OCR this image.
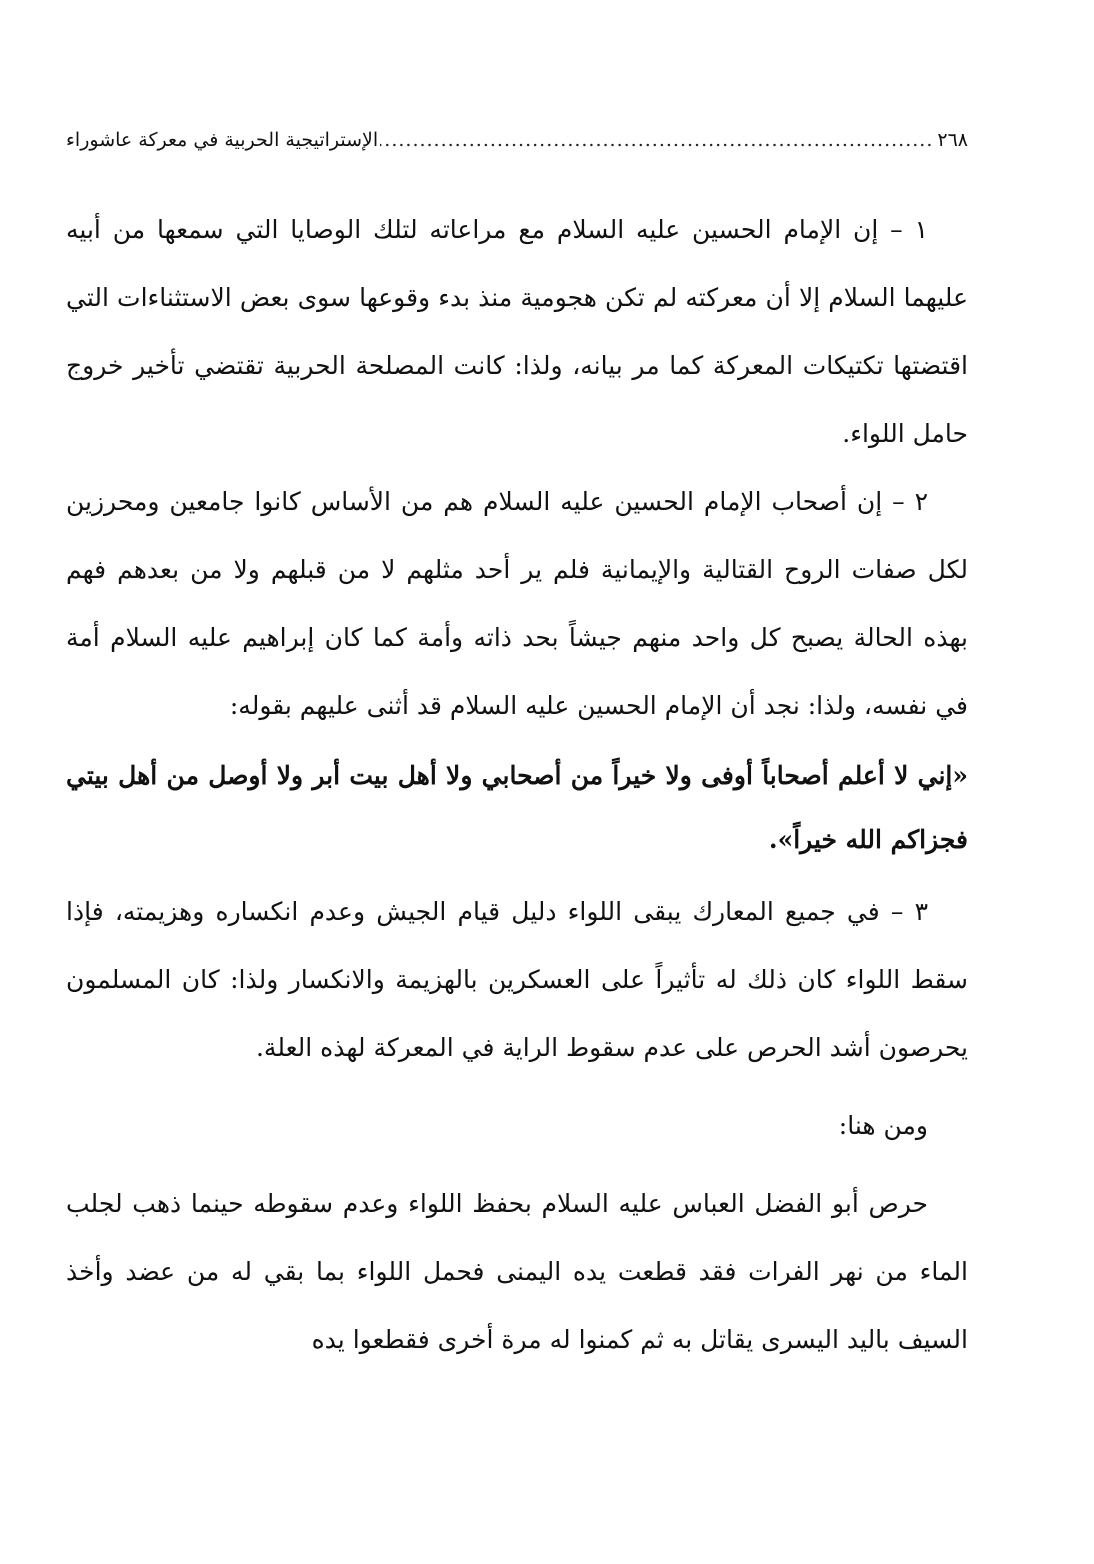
٢٦٨
.....
الإستراتيجية الحربية في معركة عاشوراء

١ – إن الإمام الحسين عليه السلام مع مراعاته لتلك الوصايا التي سمعها من أبيه عليهما السلام إلا أن معركته لم تكن هجومية منذ بدء وقوعها سوى بعض الاستثناءات التي اقتضتها تكتيكات المعركة كما مر بيانه، ولذا: كانت المصلحة الحربية تقتضي تأخير خروج حامل اللواء.

٢ – إن أصحاب الإمام الحسين عليه السلام هم من الأساس كانوا جامعين ومحرزين لكل صفات الروح القتالية والإيمانية فلم ير أحد مثلهم لا من قبلهم ولا من بعدهم فهم بهذه الحالة يصبح كل واحد منهم جيشاً بحد ذاته وأمة كما كان إبراهيم عليه السلام أمة في نفسه، ولذا: نجد أن الإمام الحسين عليه السلام قد أثنى عليهم بقوله:

«إني لا أعلم أصحاباً أوفى ولا خيراً من أصحابي ولا أهل بيت أبر ولا أوصل من أهل بيتي فجزاكم الله خيراً».

٣ – في جميع المعارك يبقى اللواء دليل قيام الجيش وعدم انكساره وهزيمته، فإذا سقط اللواء كان ذلك له تأثيراً على العسكرين بالهزيمة والانكسار ولذا: كان المسلمون يحرصون أشد الحرص على عدم سقوط الراية في المعركة لهذه العلة.

ومن هنا:

حرص أبو الفضل العباس عليه السلام بحفظ اللواء وعدم سقوطه حينما ذهب لجلب الماء من نهر الفرات فقد قطعت يده اليمنى فحمل اللواء بما بقي له من عضد وأخذ السيف باليد اليسرى يقاتل به ثم كمنوا له مرة أخرى فقطعوا يده
